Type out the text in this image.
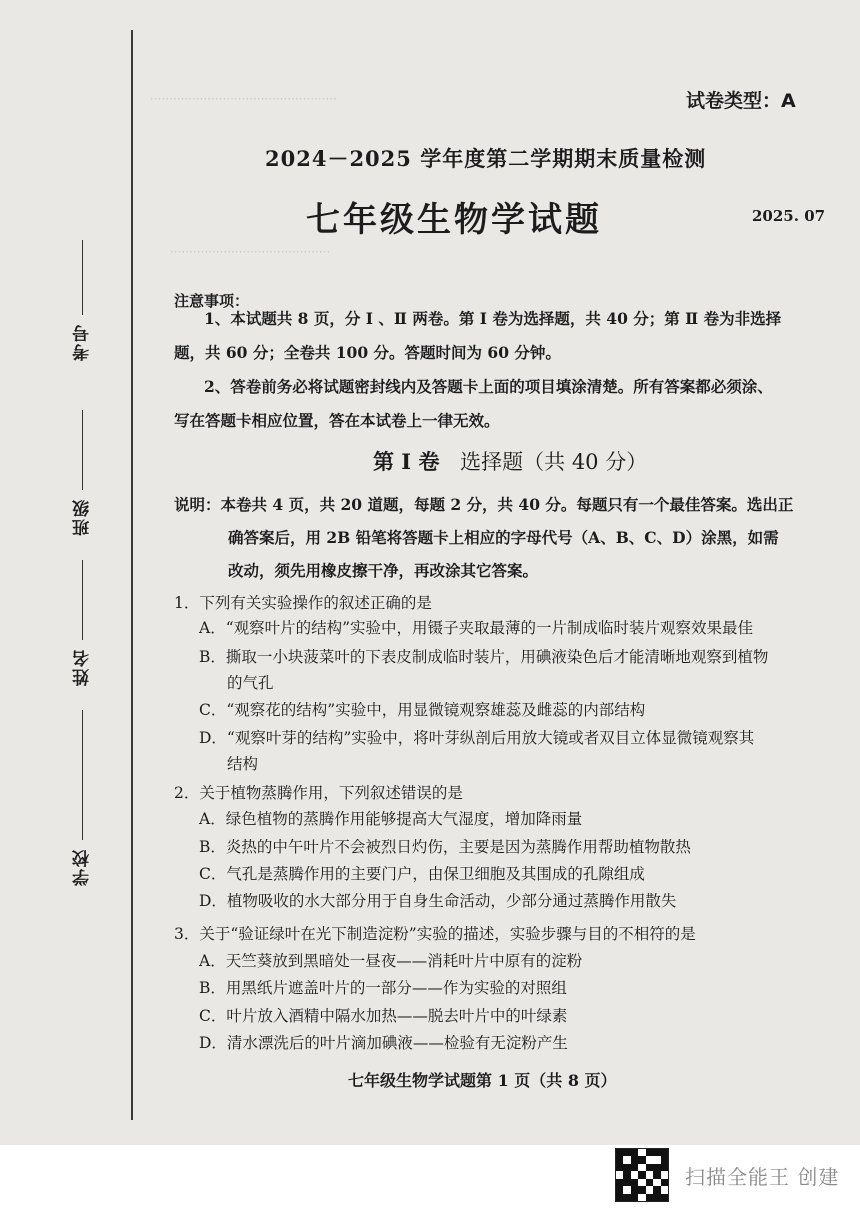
·················································
··········································
考号
班级
姓名
学校
试卷类型：A
2024－2025 学年度第二学期期末质量检测
七年级生物学试题	2025. 07
注意事项：
1、本试题共 8 页，分 Ⅰ 、Ⅱ 两卷。第 Ⅰ 卷为选择题，共 40 分；第 Ⅱ 卷为非选择
题，共 60 分；全卷共 100 分。答题时间为 60 分钟。
2、答卷前务必将试题密封线内及答题卡上面的项目填涂清楚。所有答案都必须涂、
写在答题卡相应位置，答在本试卷上一律无效。
第 Ⅰ 卷 选择题（共 40 分）
说明：本卷共 4 页，共 20 道题，每题 2 分，共 40 分。每题只有一个最佳答案。选出正
确答案后，用 2B 铅笔将答题卡上相应的字母代号（A、B、C、D）涂黑，如需
改动，须先用橡皮擦干净，再改涂其它答案。
1．下列有关实验操作的叙述正确的是
A．“观察叶片的结构”实验中，用镊子夹取最薄的一片制成临时装片观察效果最佳
B．撕取一小块菠菜叶的下表皮制成临时装片，用碘液染色后才能清晰地观察到植物
的气孔
C．“观察花的结构”实验中，用显微镜观察雄蕊及雌蕊的内部结构
D．“观察叶芽的结构”实验中，将叶芽纵剖后用放大镜或者双目立体显微镜观察其
结构
2．关于植物蒸腾作用，下列叙述错误的是
A．绿色植物的蒸腾作用能够提高大气湿度，增加降雨量
B．炎热的中午叶片不会被烈日灼伤，主要是因为蒸腾作用帮助植物散热
C．气孔是蒸腾作用的主要门户，由保卫细胞及其围成的孔隙组成
D．植物吸收的水大部分用于自身生命活动，少部分通过蒸腾作用散失
3．关于“验证绿叶在光下制造淀粉”实验的描述，实验步骤与目的不相符的是
A．天竺葵放到黑暗处一昼夜——消耗叶片中原有的淀粉
B．用黑纸片遮盖叶片的一部分——作为实验的对照组
C．叶片放入酒精中隔水加热——脱去叶片中的叶绿素
D．清水漂洗后的叶片滴加碘液——检验有无淀粉产生
七年级生物学试题第 1 页（共 8 页）
扫描全能王 创建
